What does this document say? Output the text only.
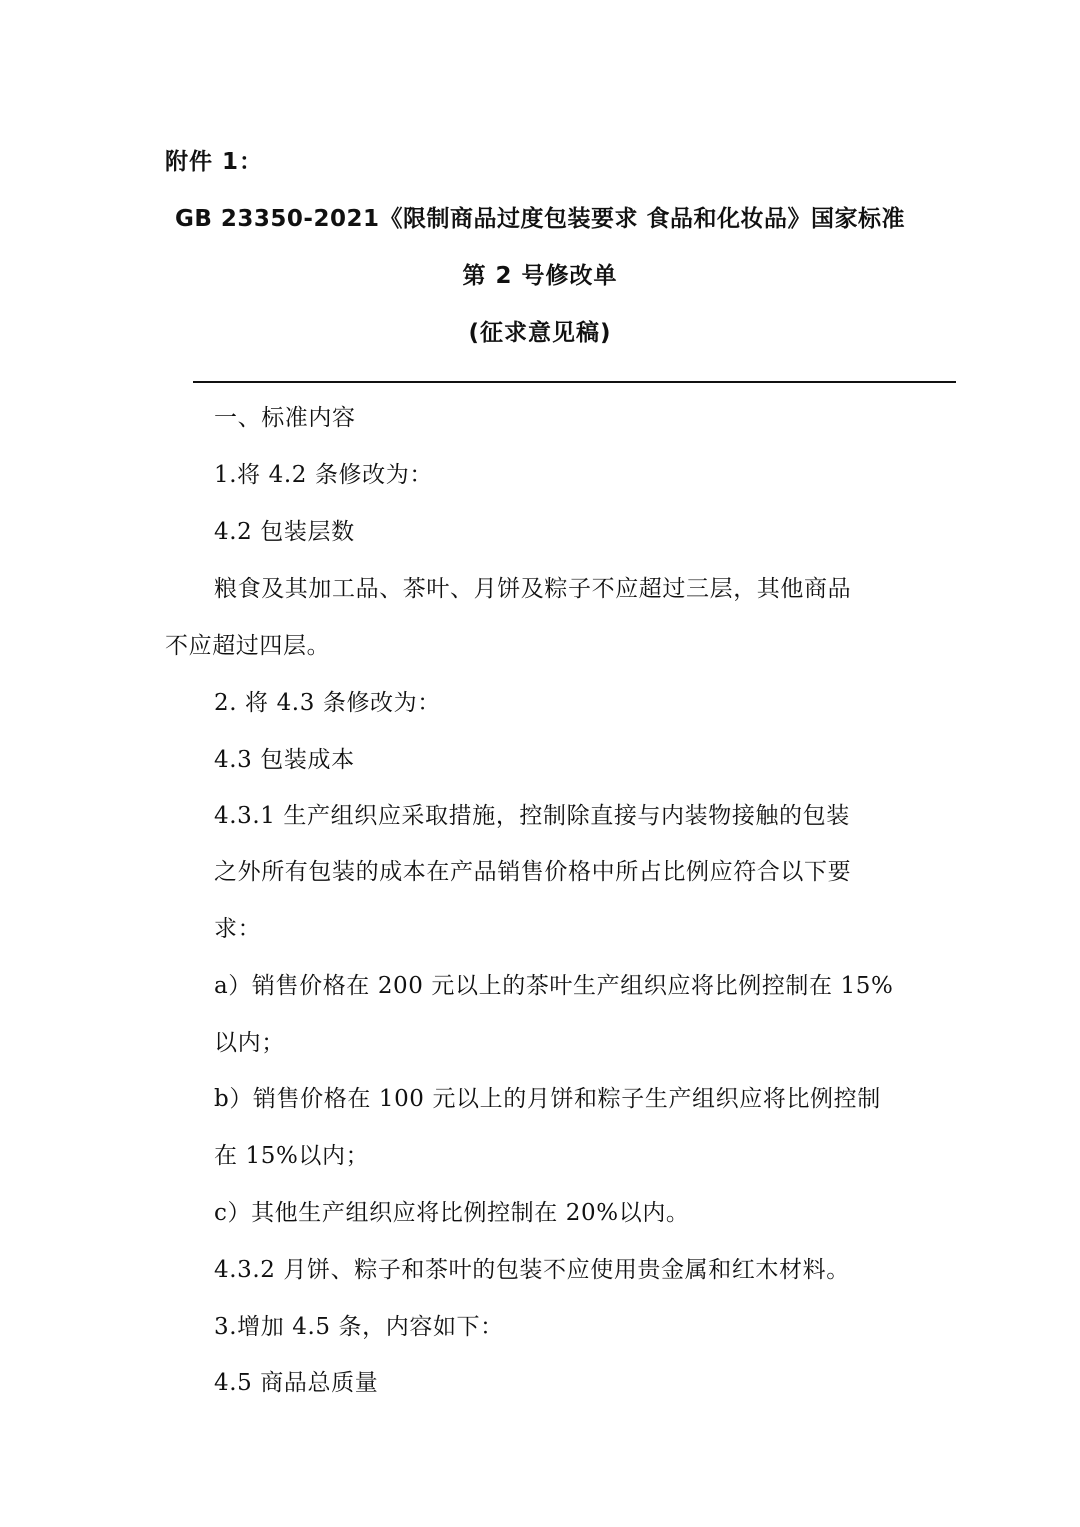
附件 1：
GB 23350-2021《限制商品过度包装要求 食品和化妆品》国家标准
第 2 号修改单
(征求意见稿)
一、标准内容
1.将 4.2 条修改为：
4.2 包装层数
粮食及其加工品、茶叶、月饼及粽子不应超过三层，其他商品
不应超过四层。
2. 将 4.3 条修改为：
4.3 包装成本
4.3.1 生产组织应采取措施，控制除直接与内装物接触的包装
之外所有包装的成本在产品销售价格中所占比例应符合以下要
求：
a）销售价格在 200 元以上的茶叶生产组织应将比例控制在 15%
以内；
b）销售价格在 100 元以上的月饼和粽子生产组织应将比例控制
在 15%以内；
c）其他生产组织应将比例控制在 20%以内。
4.3.2 月饼、粽子和茶叶的包装不应使用贵金属和红木材料。
3.增加 4.5 条，内容如下：
4.5 商品总质量
